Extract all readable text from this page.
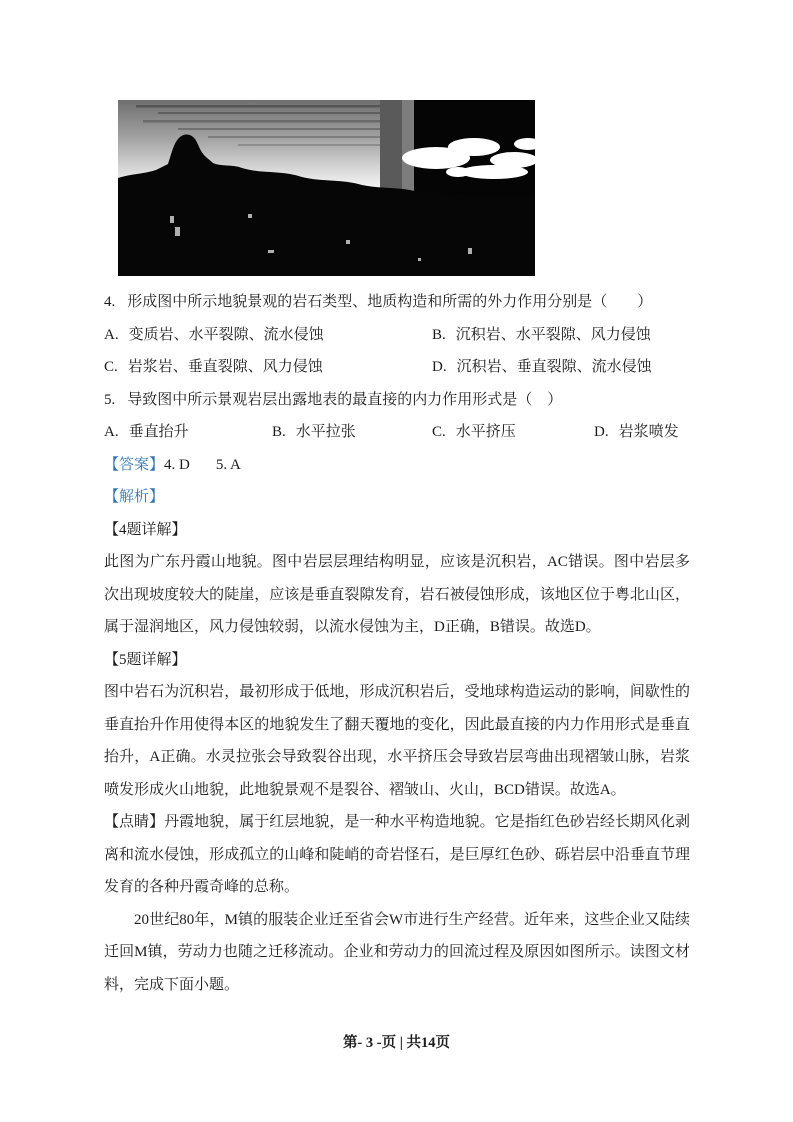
4. 形成图中所示地貌景观的岩石类型、地质构造和所需的外力作用分别是（　　）

A. 变质岩、水平裂隙、流水侵蚀	B. 沉积岩、水平裂隙、风力侵蚀
C. 岩浆岩、垂直裂隙、风力侵蚀	D. 沉积岩、垂直裂隙、流水侵蚀

5. 导致图中所示景观岩层出露地表的最直接的内力作用形式是（　）

A. 垂直抬升	B. 水平拉张	C. 水平挤压	D. 岩浆喷发

【答案】4. D 5. A

【解析】

【4题详解】

此图为广东丹霞山地貌。图中岩层层理结构明显，应该是沉积岩，AC错误。图中岩层多次出现坡度较大的陡崖，应该是垂直裂隙发育，岩石被侵蚀形成，该地区位于粤北山区，属于湿润地区，风力侵蚀较弱，以流水侵蚀为主，D正确，B错误。故选D。

【5题详解】

图中岩石为沉积岩，最初形成于低地，形成沉积岩后，受地球构造运动的影响，间歇性的垂直抬升作用使得本区的地貌发生了翻天覆地的变化，因此最直接的内力作用形式是垂直抬升，A正确。水灵拉张会导致裂谷出现，水平挤压会导致岩层弯曲出现褶皱山脉，岩浆喷发形成火山地貌，此地貌景观不是裂谷、褶皱山、火山，BCD错误。故选A。

【点睛】丹霞地貌，属于红层地貌，是一种水平构造地貌。它是指红色砂岩经长期风化剥离和流水侵蚀，形成孤立的山峰和陡峭的奇岩怪石，是巨厚红色砂、砾岩层中沿垂直节理发育的各种丹霞奇峰的总称。

20世纪80年，M镇的服装企业迁至省会W市进行生产经营。近年来，这些企业又陆续迁回M镇，劳动力也随之迁移流动。企业和劳动力的回流过程及原因如图所示。读图文材料，完成下面小题。

第- 3 -页 | 共14页
